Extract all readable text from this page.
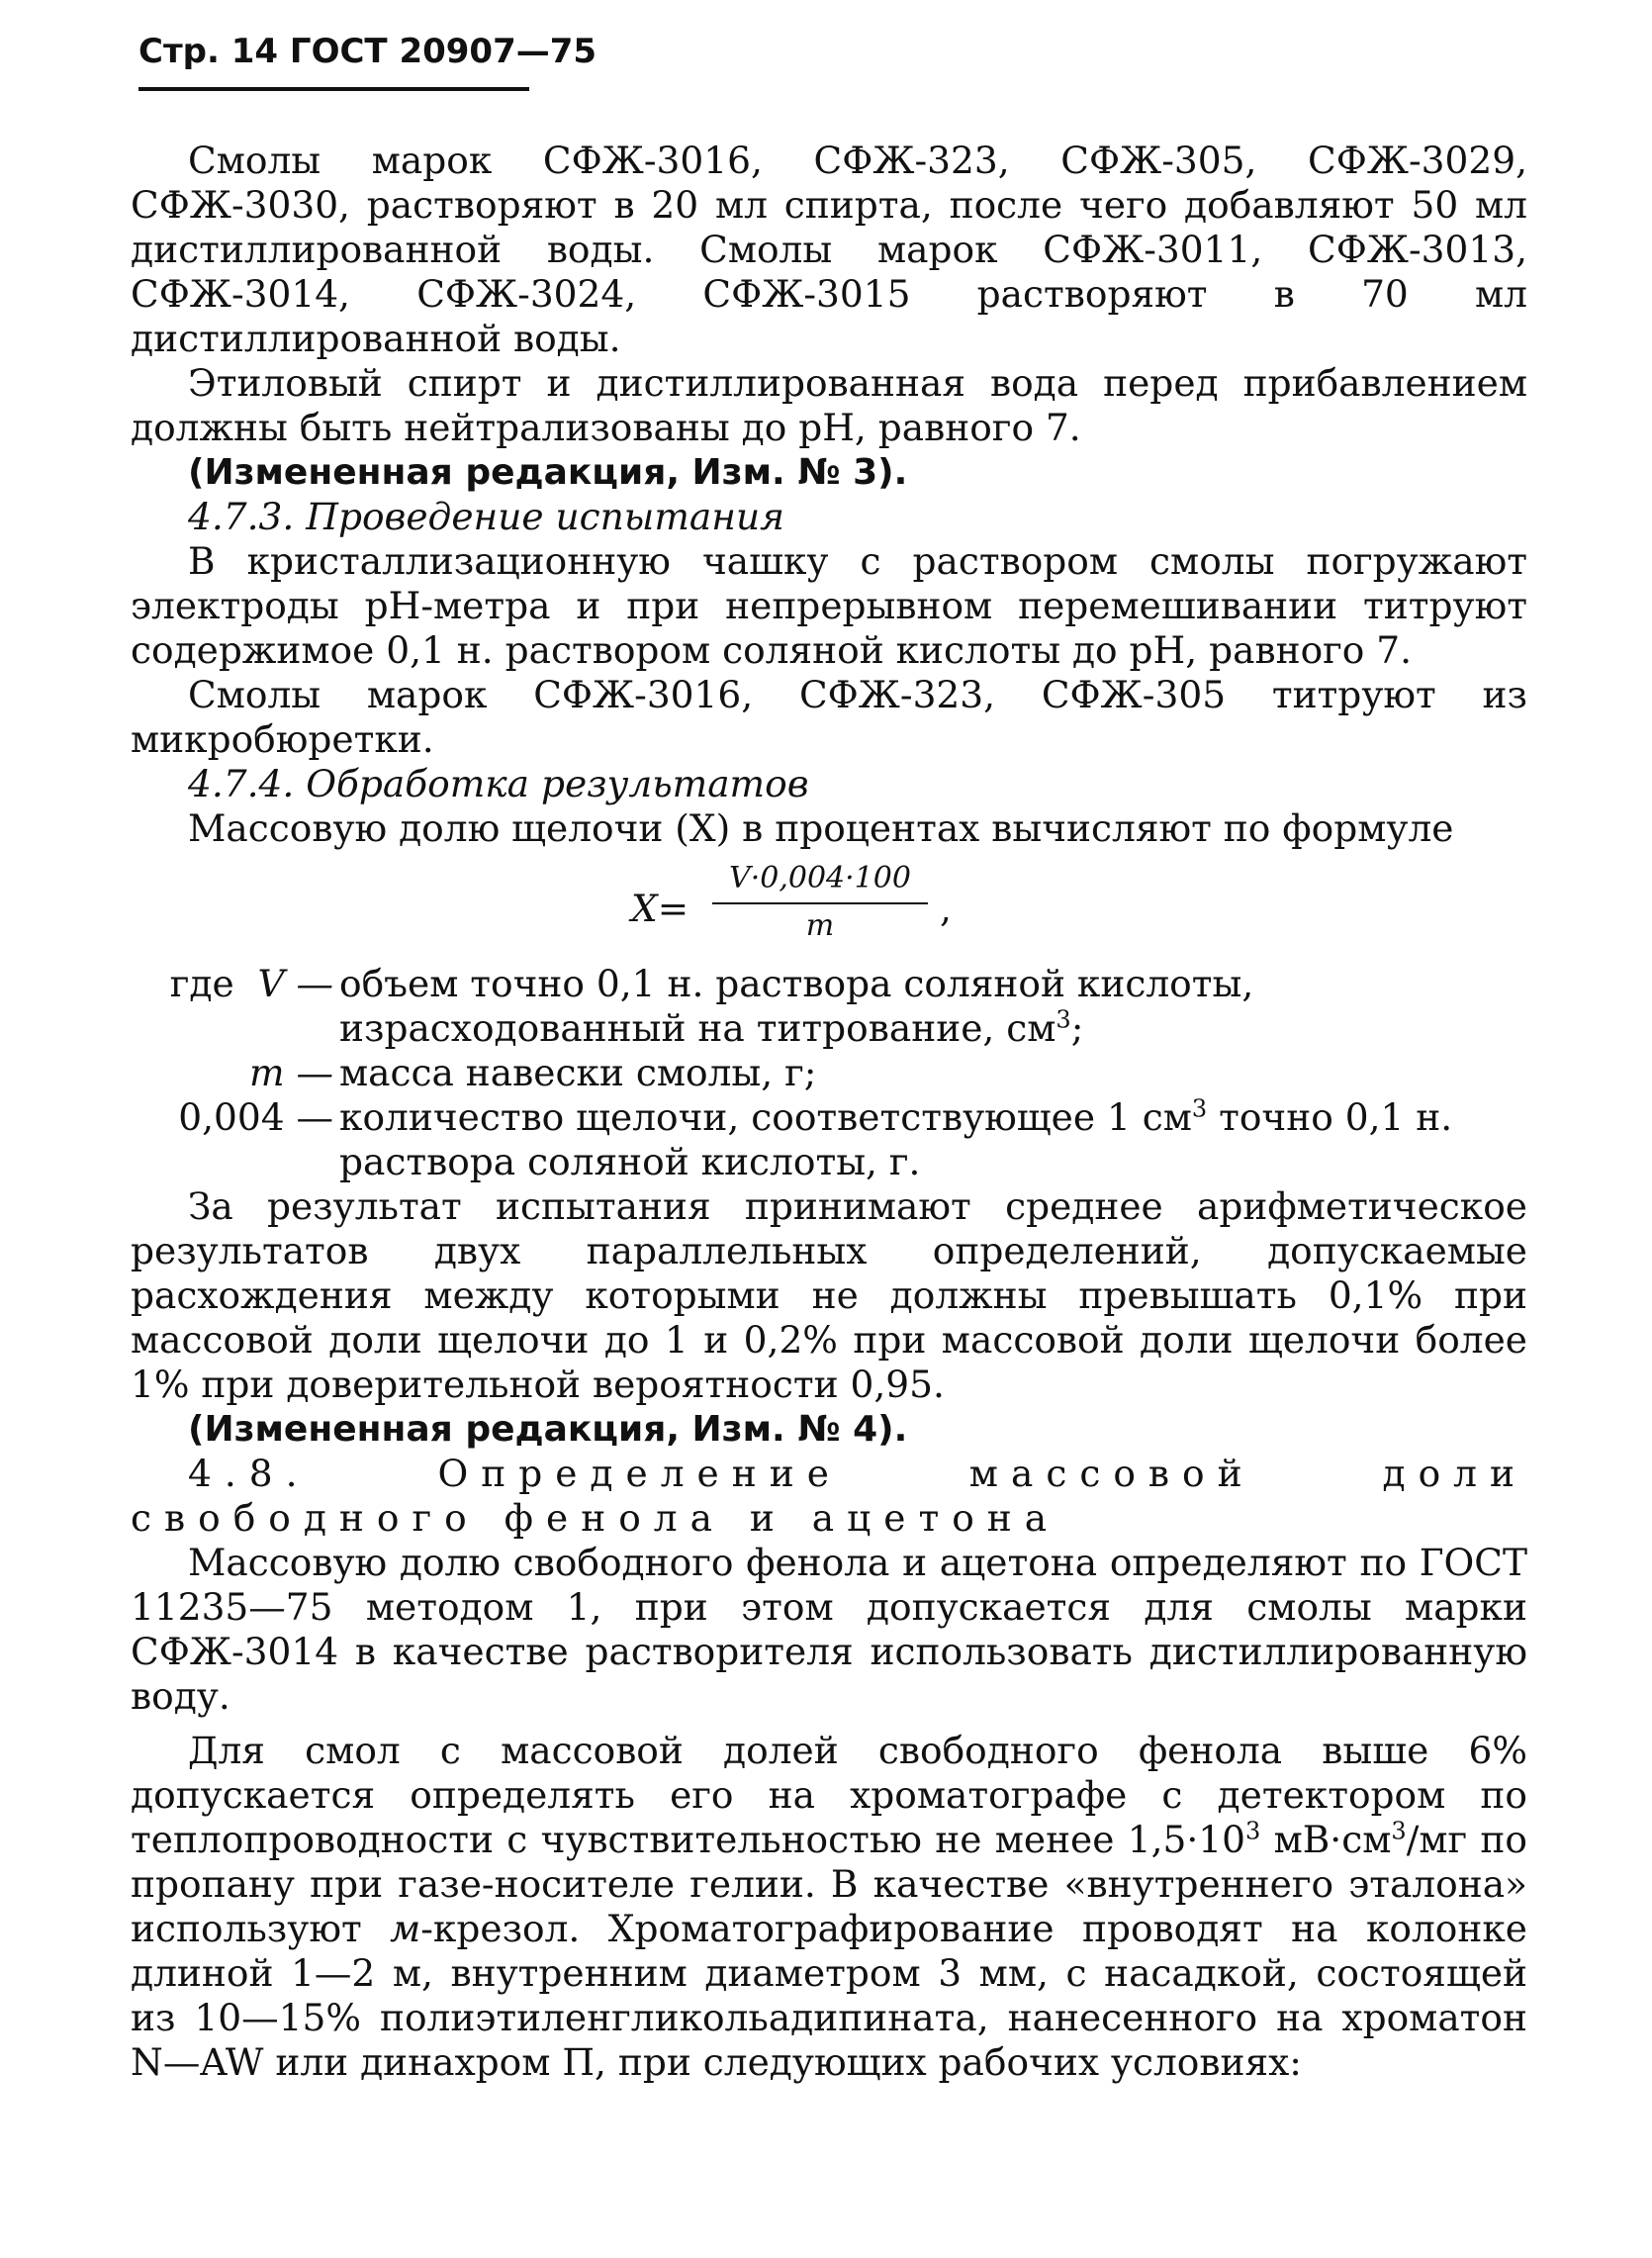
Стр. 14 ГОСТ 20907—75

Смолы марок СФЖ-3016, СФЖ-323, СФЖ-305, СФЖ-3029, СФЖ-3030, растворяют в 20 мл спирта, после чего добавляют 50 мл дистиллированной воды. Смолы марок СФЖ-3011, СФЖ-3013, СФЖ-3014, СФЖ-3024, СФЖ-3015 растворяют в 70 мл дистиллированной воды.

Этиловый спирт и дистиллированная вода перед прибавлением должны быть нейтрализованы до рН, равного 7.

(Измененная редакция, Изм. № 3).

4.7.3. Проведение испытания

В кристаллизационную чашку с раствором смолы погружают электроды рН-метра и при непрерывном перемешивании титруют содержимое 0,1 н. раствором соляной кислоты до рН, равного 7.

Смолы марок СФЖ-3016, СФЖ-323, СФЖ-305 титруют из микробюретки.

4.7.4. Обработка результатов

Массовую долю щелочи (X) в процентах вычисляют по формуле

X=
V·0,004·100
m	,
где V — объем точно 0,1 н. раствора соляной кислоты, израсходованный на титрование, $см^3$;
m — масса навески смолы, г;
0,004 — количество щелочи, соответствующее 1 $см^3$ точно 0,1 н. раствора соляной кислоты, г.

За результат испытания принимают среднее арифметическое результатов двух параллельных определений, допускаемые расхождения между которыми не должны превышать 0,1% при массовой доли щелочи до 1 и 0,2% при массовой доли щелочи более 1% при доверительной вероятности 0,95.

(Измененная редакция, Изм. № 4).

4.8. Определение массовой доли свободного фенола и ацетона

Массовую долю свободного фенола и ацетона определяют по ГОСТ 11235—75 методом 1, при этом допускается для смолы марки СФЖ-3014 в качестве растворителя использовать дистиллированную воду.

Для смол с массовой долей свободного фенола выше 6% допускается определять его на хроматографе с детектором по теплопроводности с чувствительностью не менее $1,5\cdot 10^3$ $мВ\cdot см^3/мг$ по пропану при газе-носителе гелии. В качестве «внутреннего эталона» используют м-крезол. Хроматографирование проводят на колонке длиной 1—2 м, внутренним диаметром 3 мм, с насадкой, состоящей из 10—15% полиэтиленгликольадипината, нанесенного на хроматон N—AW или динахром П, при следующих рабочих условиях:
